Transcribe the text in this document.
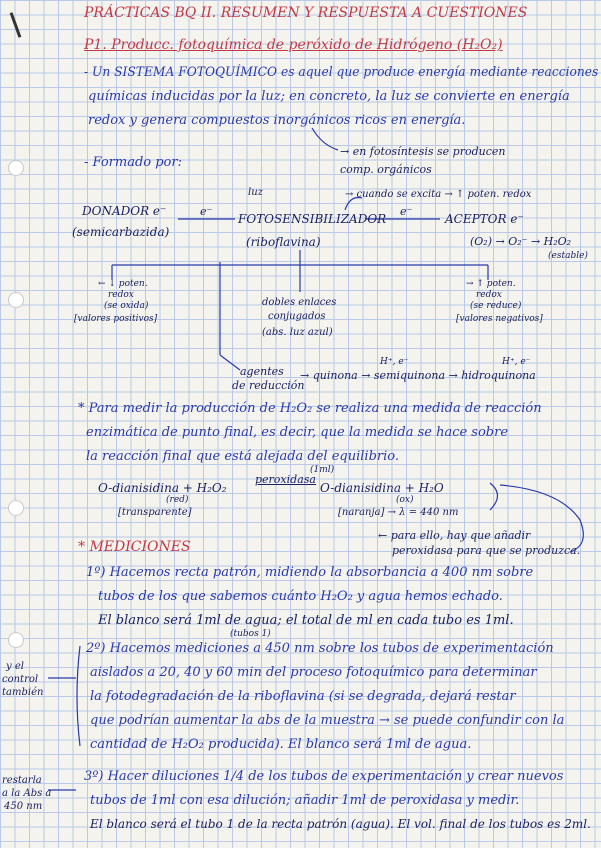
PRÁCTICAS BQ II. RESUMEN Y RESPUESTA A CUESTIONES
P1. Producc. fotoquímica de peróxido de Hidrógeno (H₂O₂)
- Un SISTEMA FOTOQUÍMICO es aquel que produce energía mediante reacciones
químicas inducidas por la luz; en concreto, la luz se convierte en energía
redox y genera compuestos inorgánicos ricos en energía.
→ en fotosíntesis se producen
comp. orgánicos
- Formado por:
luz	→ cuando se excita → ↑ poten. redox
DONADOR e⁻
(semicarbazida)
e⁻
FOTOSENSIBILIZADOR
(riboflavina)
e⁻
ACEPTOR e⁻
(O₂) → O₂⁻ → H₂O₂
(estable)
← ↓ poten.
redox
(se oxida)
[valores positivos]
dobles enlaces
conjugados
(abs. luz azul)
→ ↑ poten.
redox
(se reduce)
[valores negativos]
agentes
de reducción
H⁺, e⁻	H⁺, e⁻
→ quinona → semiquinona → hidroquinona
* Para medir la producción de H₂O₂ se realiza una medida de reacción
enzimática de punto final, es decir, que la medida se hace sobre
la reacción final que está alejada del equilibrio.
(1ml)
peroxidasa
O-dianisidina + H₂O₂	O-dianisidina + H₂O
(red)	(ox)
[transparente]	[naranja] → λ = 440 nm
← para ello, hay que añadir
peroxidasa para que se produzca.
* MEDICIONES
1º) Hacemos recta patrón, midiendo la absorbancia a 400 nm sobre
tubos de los que sabemos cuánto H₂O₂ y agua hemos echado.
El blanco será 1ml de agua; el total de ml en cada tubo es 1ml.
(tubos 1)
y el
control
también
2º) Hacemos mediciones a 450 nm sobre los tubos de experimentación
aislados a 20, 40 y 60 min del proceso fotoquímico para determinar
la fotodegradación de la riboflavina (si se degrada, dejará restar
que podrían aumentar la abs de la muestra → se puede confundir con la
cantidad de H₂O₂ producida). El blanco será 1ml de agua.
restarla
a la Abs a
450 nm
3º) Hacer diluciones 1/4 de los tubos de experimentación y crear nuevos
tubos de 1ml con esa dilución; añadir 1ml de peroxidasa y medir.
El blanco será el tubo 1 de la recta patrón (agua). El vol. final de los tubos es 2ml.
